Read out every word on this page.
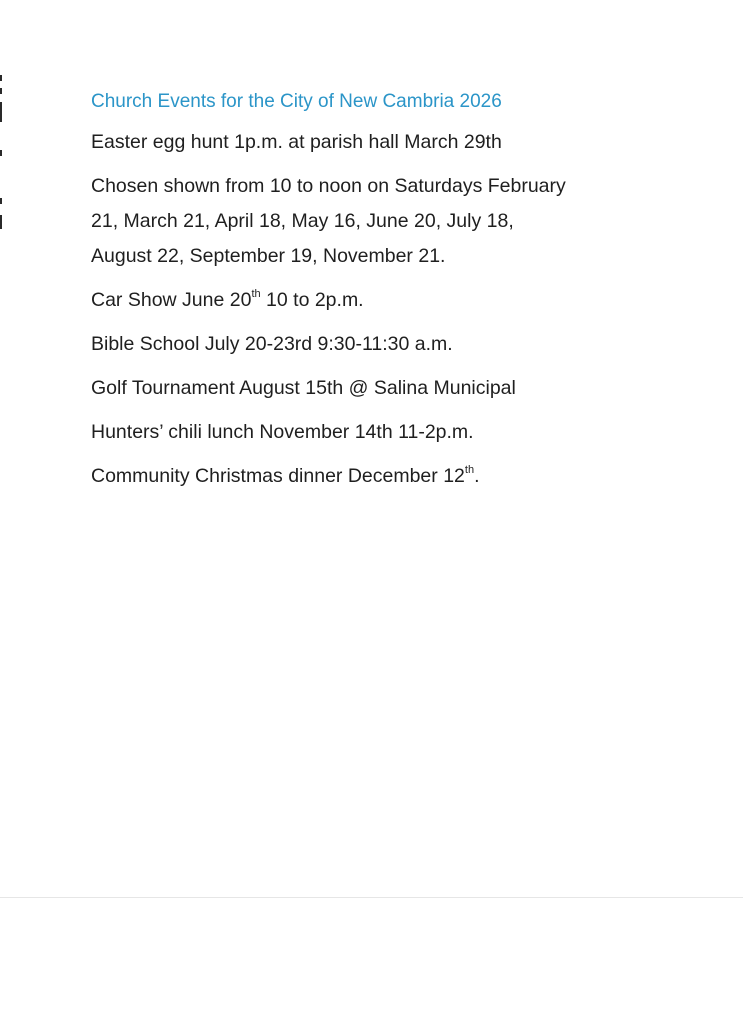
Church Events for the City of New Cambria 2026
Easter egg hunt 1p.m. at parish hall March 29th
Chosen shown from 10 to noon on Saturdays February
21, March 21, April 18, May 16, June 20, July 18,
August 22, September 19, November 21.
Car Show June 20th 10 to 2p.m.
Bible School July 20-23rd 9:30-11:30 a.m.
Golf Tournament August 15th @ Salina Municipal
Hunters’ chili lunch November 14th 11-2p.m.
Community Christmas dinner December 12th.
